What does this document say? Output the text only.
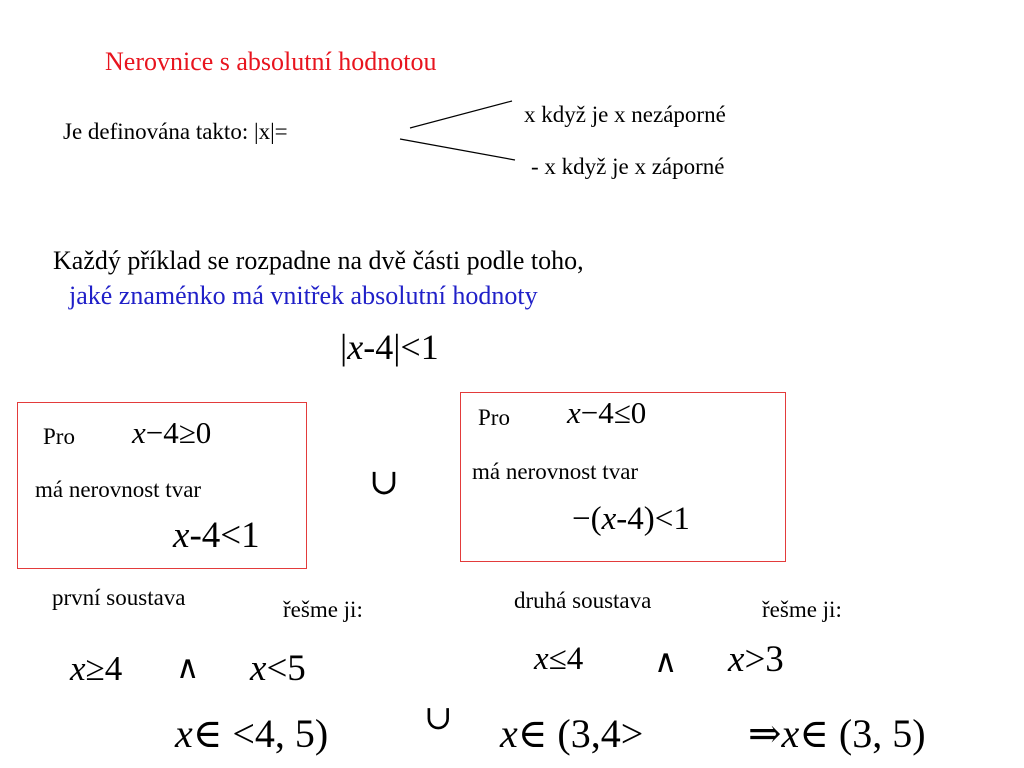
Nerovnice s absolutní hodnotou
Je definována takto: |x|=
x když je x nezáporné
- x když je x záporné
Každý příklad se rozpadne na dvě části podle toho,
jaké znaménko má vnitřek absolutní hodnoty
|x-4|<1
Pro x−4≥0
má nerovnost tvar
x-4<1
∪
Pro x−4≤0
má nerovnost tvar
−(x-4)<1
první soustava	řešme ji:	druhá soustava	řešme ji:
x≥4 ∧ x<5	x≤4 ∧ x>3
x∈ <4, 5)	∪ x∈ (3,4>	⇒x∈ (3, 5)
